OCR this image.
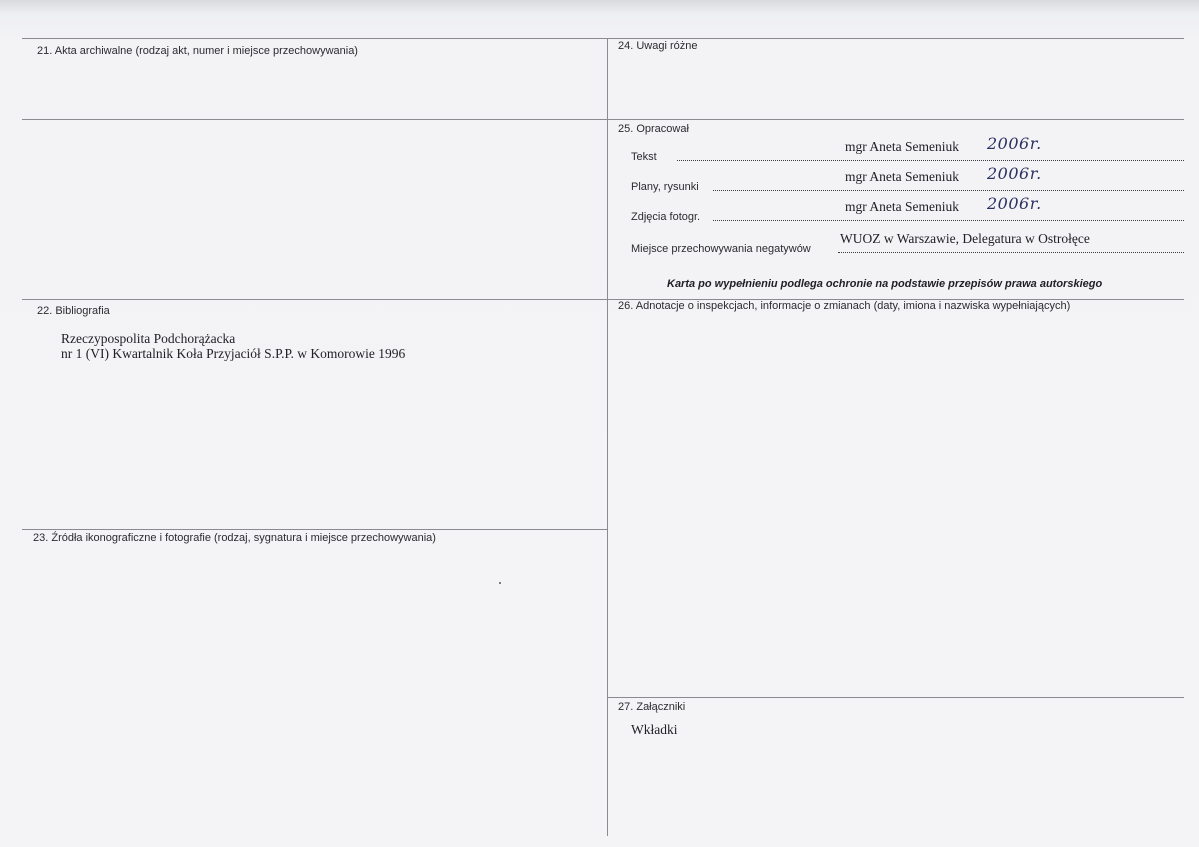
21. Akta archiwalne (rodzaj akt, numer i miejsce przechowywania)	24. Uwagi różne
25. Opracował
Tekst
mgr Aneta Semeniuk 2006r.
Plany, rysunki
mgr Aneta Semeniuk 2006r.
Zdjęcia fotogr.
mgr Aneta Semeniuk 2006r.
Miejsce przechowywania negatywów
WUOZ w Warszawie, Delegatura w Ostrołęce
Karta po wypełnieniu podlega ochronie na podstawie przepisów prawa autorskiego
22. Bibliografia
Rzeczypospolita Podchorążacka
nr 1 (VI) Kwartalnik Koła Przyjaciół S.P.P. w Komorowie 1996
26. Adnotacje o inspekcjach, informacje o zmianach (daty, imiona i nazwiska wypełniających)
23. Źródła ikonograficzne i fotografie (rodzaj, sygnatura i miejsce przechowywania)
27. Załączniki
Wkładki
